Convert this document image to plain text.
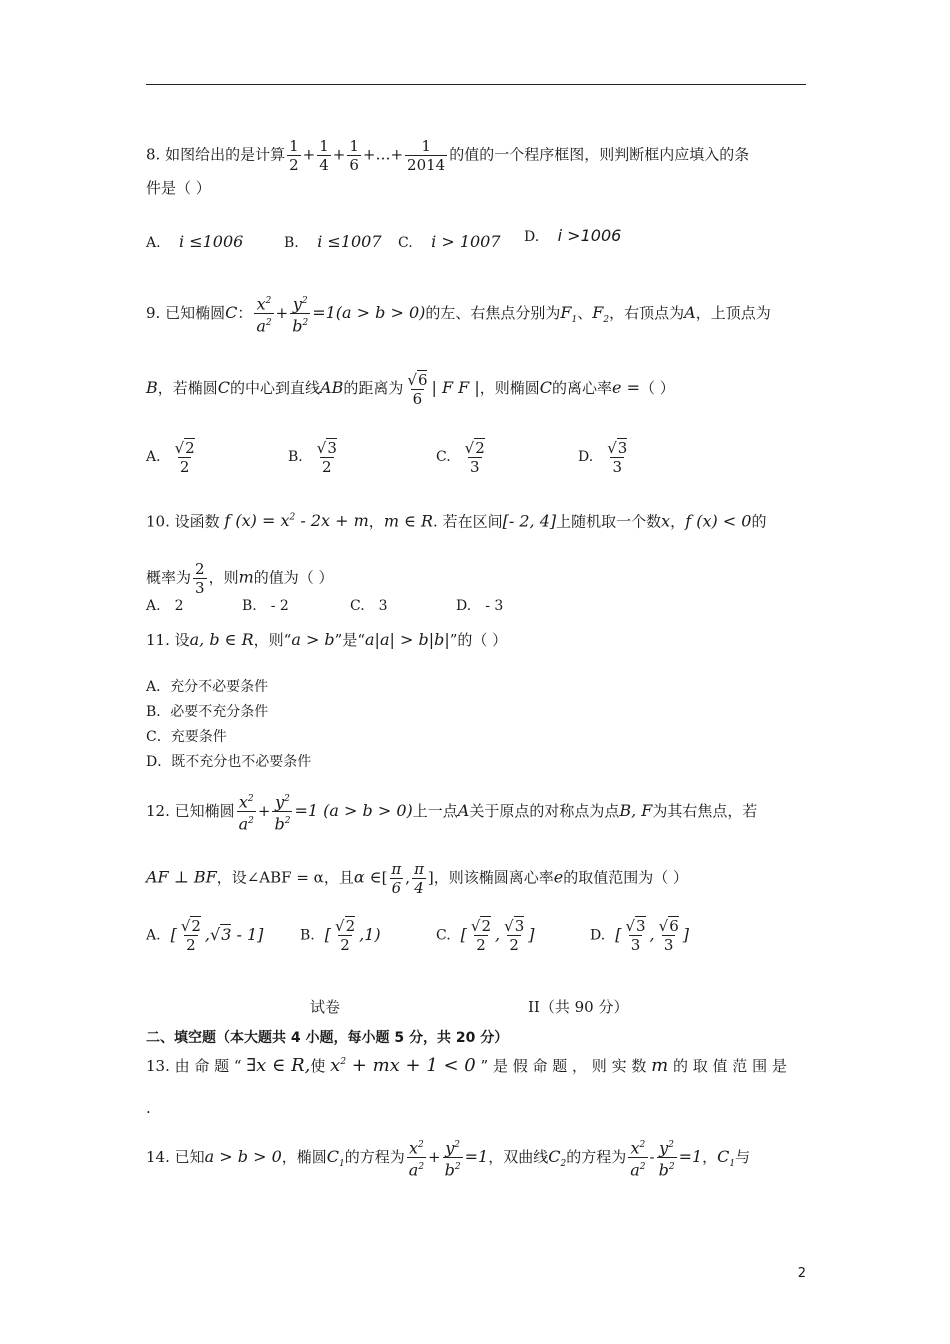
8. 如图给出的是计算 $\frac{1}{2} + \frac{1}{4} + \frac{1}{6}$ +…+ $\frac{1}{2014}$ 的值的一个程序框图，则判断框内应填入的条
件是（ ）
A. i ≤1006	B. i ≤1007 C. i > 1007 D. i >1006
9. 已知椭圆C： $\frac{x^2}{a^2} + \frac{y^2}{b^2} =1(a > b > 0)$的左、右焦点分别为$F_1$、$F_2$，右顶点为A，上顶点为
B，若椭圆C的中心到直线AB的距离为 $\frac{√6}{6}$ | F F |，则椭圆C的离心率e =（ ）
A. $\frac{√2}{2}$	B. $\frac{√3}{2}$	C. $\frac{√2}{3}$	D. $\frac{√3}{3}$
10. 设函数 f $(x) = x^2 - 2x + m$，m ∈ R. 若在区间[- 2, 4]上随机取一个数x，f (x) < 0的
概率为 $\frac{2}{3}$ ，则m的值为（ ）
A. 2	B. - 2	C. 3	D. - 3
11. 设a, b ∈ R，则“a > b”是“a|a| > b|b|”的（ ）
A．充分不必要条件
B．必要不充分条件
C．充要条件
D．既不充分也不必要条件
12. 已知椭圆 $\frac{x^2}{a^2} + \frac{y^2}{b^2} =1$ (a > b > 0)上一点A关于原点的对称点为点B, F为其右焦点，若
AF ⊥ BF，设∠ABF = α，且α ∈[ $\frac{\pi}{6}$ , $\frac{\pi}{4}$ ]，则该椭圆离心率e的取值范围为（ ）
A. [ $\frac{√2}{2} ,√3 - 1$]	B. [ $\frac{√2}{2} ,1$)	C. [ $\frac{√2}{2}$ , $\frac{√3}{2}$ ]	D. [ $\frac{√3}{3}$ , $\frac{√6}{3}$ ]
试卷	II（共 90 分）
二、填空题（本大题共 4 小题，每小题 5 分，共 20 分）
13. 由 命 题 “ ∃x ∈ R,使 $x^2$ + mx + 1 < 0 ” 是 假 命 题 ， 则 实 数 m 的 取 值 范 围 是
.
14. 已知a > b > 0，椭圆$C_1$的方程为 $\frac{x^2}{a^2} + \frac{y^2}{b^2} =1$，双曲线$C_2$的方程为 $\frac{x^2}{a^2} - \frac{y^2}{b^2} =1$，$C_1$与
2
